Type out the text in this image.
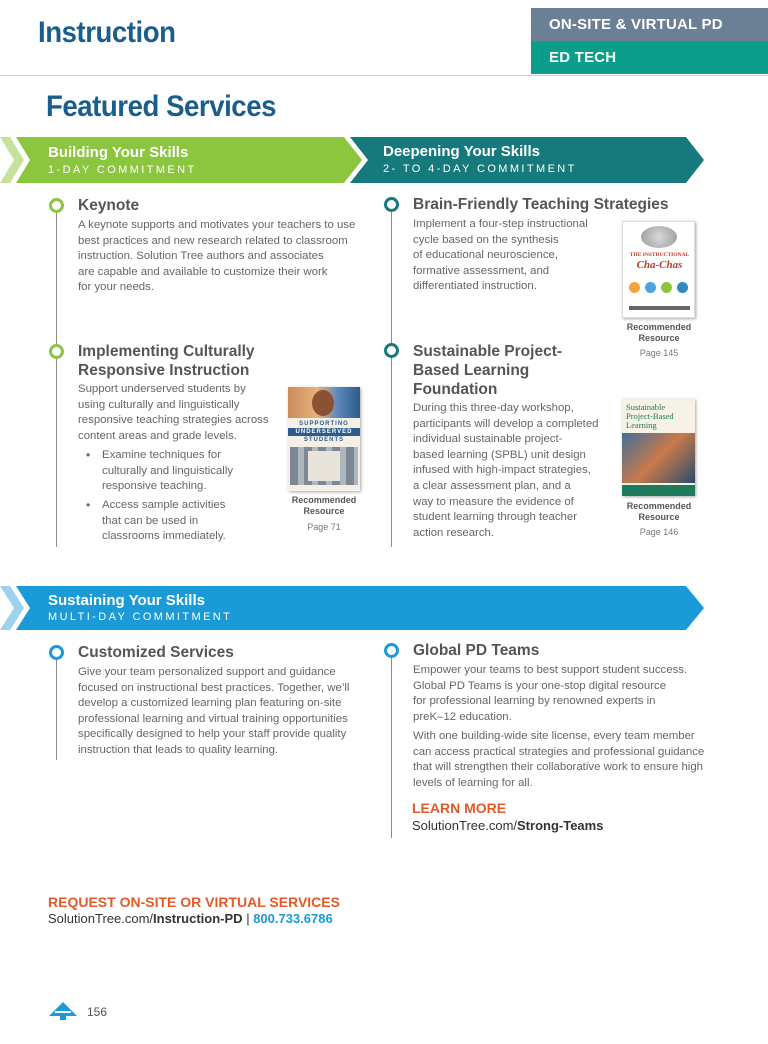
Instruction	ON-SITE & VIRTUAL PD
ED TECH
Featured Services
Building Your Skills
1-DAY COMMITMENT
Deepening Your Skills
2- TO 4-DAY COMMITMENT
Keynote
A keynote supports and motivates your teachers to use
best practices and new research related to classroom
instruction. Solution Tree authors and associates
are capable and available to customize their work
for your needs.
Implementing Culturally
Responsive Instruction
Support underserved students by
using culturally and linguistically
responsive teaching strategies across
content areas and grade levels.
• Examine techniques for
culturally and linguistically
responsive teaching.
• Access sample activities
that can be used in
classrooms immediately.
SUPPORTING
UNDERSERVED
STUDENTS
Recommended
Resource
Page 71
Brain-Friendly Teaching Strategies
Implement a four-step instructional
cycle based on the synthesis
of educational neuroscience,
formative assessment, and
differentiated instruction.
THE INSTRUCTIONAL
Cha-Chas
Recommended
Resource
Page 145
Sustainable Project-
Based Learning
Foundation
During this three-day workshop,
participants will develop a completed
individual sustainable project-
based learning (SPBL) unit design
infused with high-impact strategies,
a clear assessment plan, and a
way to measure the evidence of
student learning through teacher
action research.
Sustainable
Project-Based
Learning
Recommended
Resource
Page 146
Sustaining Your Skills
MULTI-DAY COMMITMENT
Customized Services
Give your team personalized support and guidance
focused on instructional best practices. Together, we’ll
develop a customized learning plan featuring on-site
professional learning and virtual training opportunities
specifically designed to help your staff provide quality
instruction that leads to quality learning.
Global PD Teams
Empower your teams to best support student success.
Global PD Teams is your one-stop digital resource
for professional learning by renowned experts in
preK–12 education.
With one building-wide site license, every team member
can access practical strategies and professional guidance
that will strengthen their collaborative work to ensure high
levels of learning for all.
LEARN MORE
SolutionTree.com/Strong-Teams
REQUEST ON-SITE OR VIRTUAL SERVICES
SolutionTree.com/Instruction-PD | 800.733.6786
156
